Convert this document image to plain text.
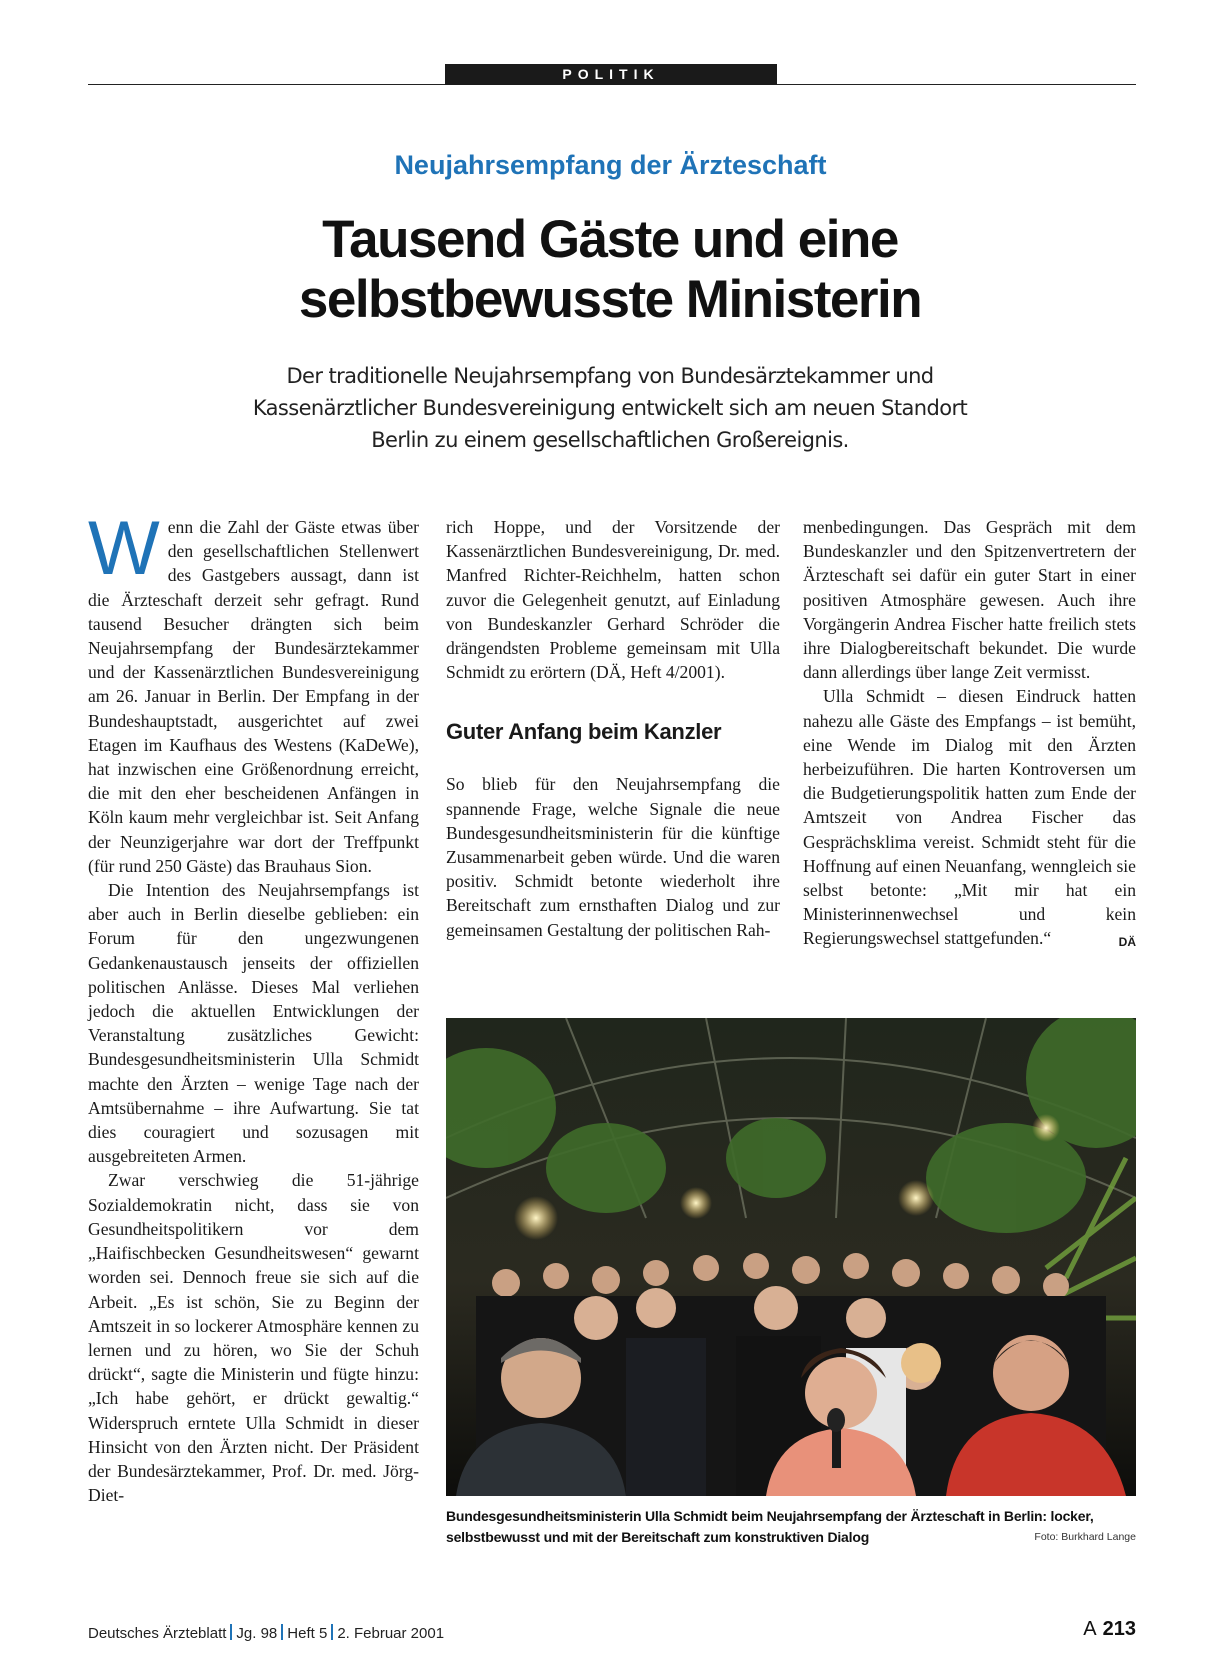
POLITIK
Neujahrsempfang der Ärzteschaft
Tausend Gäste und eine
selbstbewusste Ministerin
Der traditionelle Neujahrsempfang von Bundesärztekammer und Kassenärztlicher Bundesvereinigung entwickelt sich am neuen Standort Berlin zu einem gesellschaftlichen Großereignis.

Wenn die Zahl der Gäste etwas über den gesellschaftlichen Stellenwert des Gastgebers aussagt, dann ist die Ärzteschaft derzeit sehr gefragt. Rund tausend Besucher drängten sich beim Neujahrsempfang der Bundesärztekammer und der Kassenärztlichen Bundesvereinigung am 26. Januar in Berlin. Der Empfang in der Bundeshauptstadt, ausgerichtet auf zwei Etagen im Kaufhaus des Westens (KaDeWe), hat inzwischen eine Größenordnung erreicht, die mit den eher bescheidenen Anfängen in Köln kaum mehr vergleichbar ist. Seit Anfang der Neunzigerjahre war dort der Treffpunkt (für rund 250 Gäste) das Brauhaus Sion.

Die Intention des Neujahrsempfangs ist aber auch in Berlin dieselbe geblieben: ein Forum für den ungezwungenen Gedankenaustausch jenseits der offiziellen politischen Anlässe. Dieses Mal verliehen jedoch die aktuellen Entwicklungen der Veranstaltung zusätzliches Gewicht: Bundesgesundheitsministerin Ulla Schmidt machte den Ärzten – wenige Tage nach der Amtsübernahme – ihre Aufwartung. Sie tat dies couragiert und sozusagen mit ausgebreiteten Armen.

Zwar verschwieg die 51-jährige Sozialdemokratin nicht, dass sie von Gesundheitspolitikern vor dem „Haifischbecken Gesundheitswesen“ gewarnt worden sei. Dennoch freue sie sich auf die Arbeit. „Es ist schön, Sie zu Beginn der Amtszeit in so lockerer Atmosphäre kennen zu lernen und zu hören, wo Sie der Schuh drückt“, sagte die Ministerin und fügte hinzu: „Ich habe gehört, er drückt gewaltig.“ Widerspruch erntete Ulla Schmidt in dieser Hinsicht von den Ärzten nicht. Der Präsident der Bundesärztekammer, Prof. Dr. med. Jörg-Diet-

rich Hoppe, und der Vorsitzende der Kassenärztlichen Bundesvereinigung, Dr. med. Manfred Richter-Reichhelm, hatten schon zuvor die Gelegenheit genutzt, auf Einladung von Bundeskanzler Gerhard Schröder die drängendsten Probleme gemeinsam mit Ulla Schmidt zu erörtern (DÄ, Heft 4/2001).

Guter Anfang beim Kanzler

So blieb für den Neujahrsempfang die spannende Frage, welche Signale die neue Bundesgesundheitsministerin für die künftige Zusammenarbeit geben würde. Und die waren positiv. Schmidt betonte wiederholt ihre Bereitschaft zum ernsthaften Dialog und zur gemeinsamen Gestaltung der politischen Rah-

menbedingungen. Das Gespräch mit dem Bundeskanzler und den Spitzenvertretern der Ärzteschaft sei dafür ein guter Start in einer positiven Atmosphäre gewesen. Auch ihre Vorgängerin Andrea Fischer hatte freilich stets ihre Dialogbereitschaft bekundet. Die wurde dann allerdings über lange Zeit vermisst.

Ulla Schmidt – diesen Eindruck hatten nahezu alle Gäste des Empfangs – ist bemüht, eine Wende im Dialog mit den Ärzten herbeizuführen. Die harten Kontroversen um die Budgetierungspolitik hatten zum Ende der Amtszeit von Andrea Fischer das Gesprächsklima vereist. Schmidt steht für die Hoffnung auf einen Neuanfang, wenngleich sie selbst betonte: „Mit mir hat ein Ministerinnenwechsel und kein Regierungswechsel stattgefunden.“	DÄ

Bundesgesundheitsministerin Ulla Schmidt beim Neujahrsempfang der Ärzteschaft in Berlin: locker, selbstbewusst und mit der Bereitschaft zum konstruktiven Dialog	Foto: Burkhard Lange
Deutsches Ärzteblatt Jg. 98 Heft 5 2. Februar 2001	A 213
